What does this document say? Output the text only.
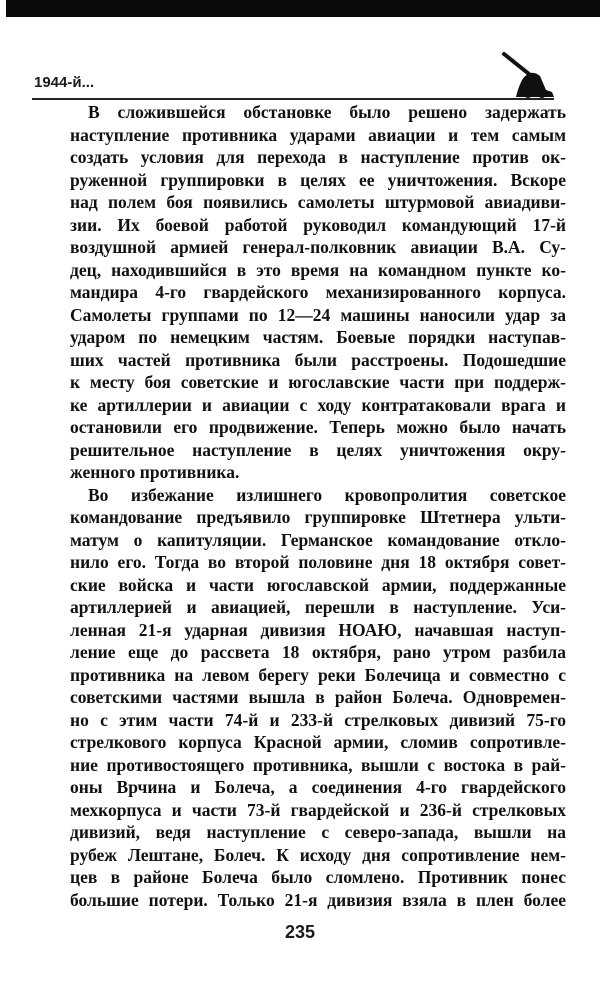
1944-й...
В сложившейся обстановке было решено задержать
наступление противника ударами авиации и тем самым
создать условия для перехода в наступление против ок-
руженной группировки в целях ее уничтожения. Вскоре
над полем боя появились самолеты штурмовой авиадиви-
зии. Их боевой работой руководил командующий 17-й
воздушной армией генерал-полковник авиации В.А. Су-
дец, находившийся в это время на командном пункте ко-
мандира 4-го гвардейского механизированного корпуса.
Самолеты группами по 12—24 машины наносили удар за
ударом по немецким частям. Боевые порядки наступав-
ших частей противника были расстроены. Подошедшие
к месту боя советские и югославские части при поддерж-
ке артиллерии и авиации с ходу контратаковали врага и
остановили его продвижение. Теперь можно было начать
решительное наступление в целях уничтожения окру-
женного противника.
Во избежание излишнего кровопролития советское
командование предъявило группировке Штетнера ульти-
матум о капитуляции. Германское командование откло-
нило его. Тогда во второй половине дня 18 октября совет-
ские войска и части югославской армии, поддержанные
артиллерией и авиацией, перешли в наступление. Уси-
ленная 21-я ударная дивизия НОАЮ, начавшая наступ-
ление еще до рассвета 18 октября, рано утром разбила
противника на левом берегу реки Болечица и совместно с
советскими частями вышла в район Болеча. Одновремен-
но с этим части 74-й и 233-й стрелковых дивизий 75-го
стрелкового корпуса Красной армии, сломив сопротивле-
ние противостоящего противника, вышли с востока в рай-
оны Врчина и Болеча, а соединения 4-го гвардейского
мехкорпуса и части 73-й гвардейской и 236-й стрелковых
дивизий, ведя наступление с северо-запада, вышли на
рубеж Лештане, Болеч. К исходу дня сопротивление нем-
цев в районе Болеча было сломлено. Противник понес
большие потери. Только 21-я дивизия взяла в плен более
235
